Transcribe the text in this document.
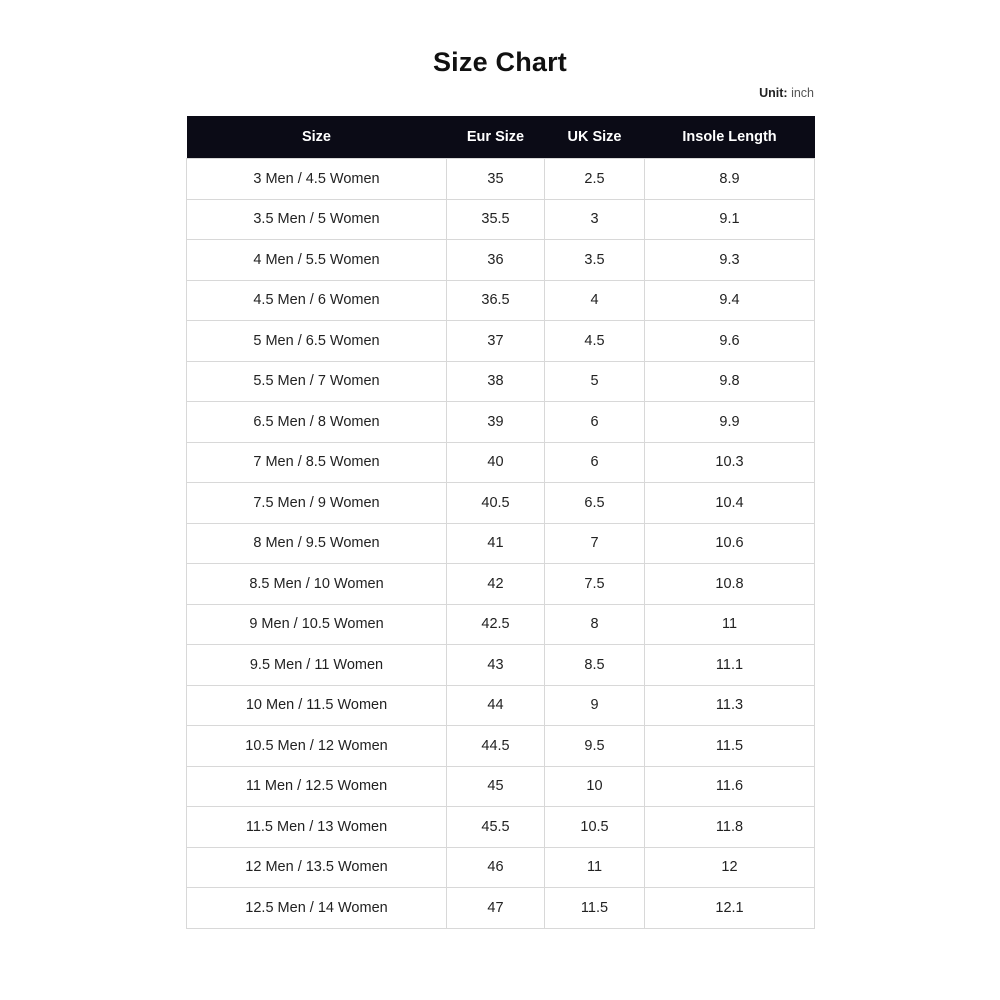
Size Chart
Unit: inch
Size	Eur Size	UK Size	Insole Length
3 Men / 4.5 Women	35	2.5	8.9
3.5 Men / 5 Women	35.5	3	9.1
4 Men / 5.5 Women	36	3.5	9.3
4.5 Men / 6 Women	36.5	4	9.4
5 Men / 6.5 Women	37	4.5	9.6
5.5 Men / 7 Women	38	5	9.8
6.5 Men / 8 Women	39	6	9.9
7 Men / 8.5 Women	40	6	10.3
7.5 Men / 9 Women	40.5	6.5	10.4
8 Men / 9.5 Women	41	7	10.6
8.5 Men / 10 Women	42	7.5	10.8
9 Men / 10.5 Women	42.5	8	11
9.5 Men / 11 Women	43	8.5	11.1
10 Men / 11.5 Women	44	9	11.3
10.5 Men / 12 Women	44.5	9.5	11.5
11 Men / 12.5 Women	45	10	11.6
11.5 Men / 13 Women	45.5	10.5	11.8
12 Men / 13.5 Women	46	11	12
12.5 Men / 14 Women	47	11.5	12.1
